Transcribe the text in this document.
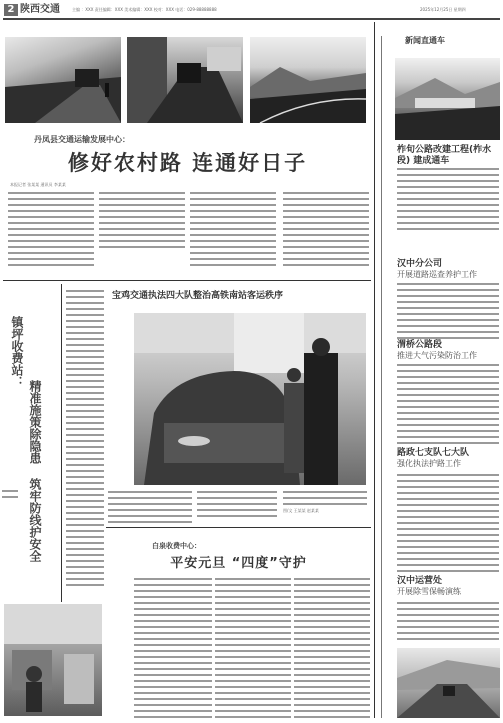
2 陕西交通	主编 ：XXX 责任编辑：XXX 美术编辑：XXX 校对：XXX 电话：029-88888888	2025年12月25日 星期四
丹凤县交通运输发展中心：
修好农村路 连通好日子
本报记者 张某某 通讯员 李某某
镇坪收费站：
精准施策除隐患 筑牢防线护安全
宝鸡交通执法四大队整治高铁南站客运秩序
图/文 王某某 赵某某
白泉收费中心：
平安元旦 “四度”守护
新闻直通车
柞旬公路改建工程(柞水段) 建成通车
汉中分公司
开展道路巡查养护工作
渭桥公路段
推进大气污染防治工作
路政七支队七大队
强化执法护路工作
汉中运营处
开展除雪保畅演练
